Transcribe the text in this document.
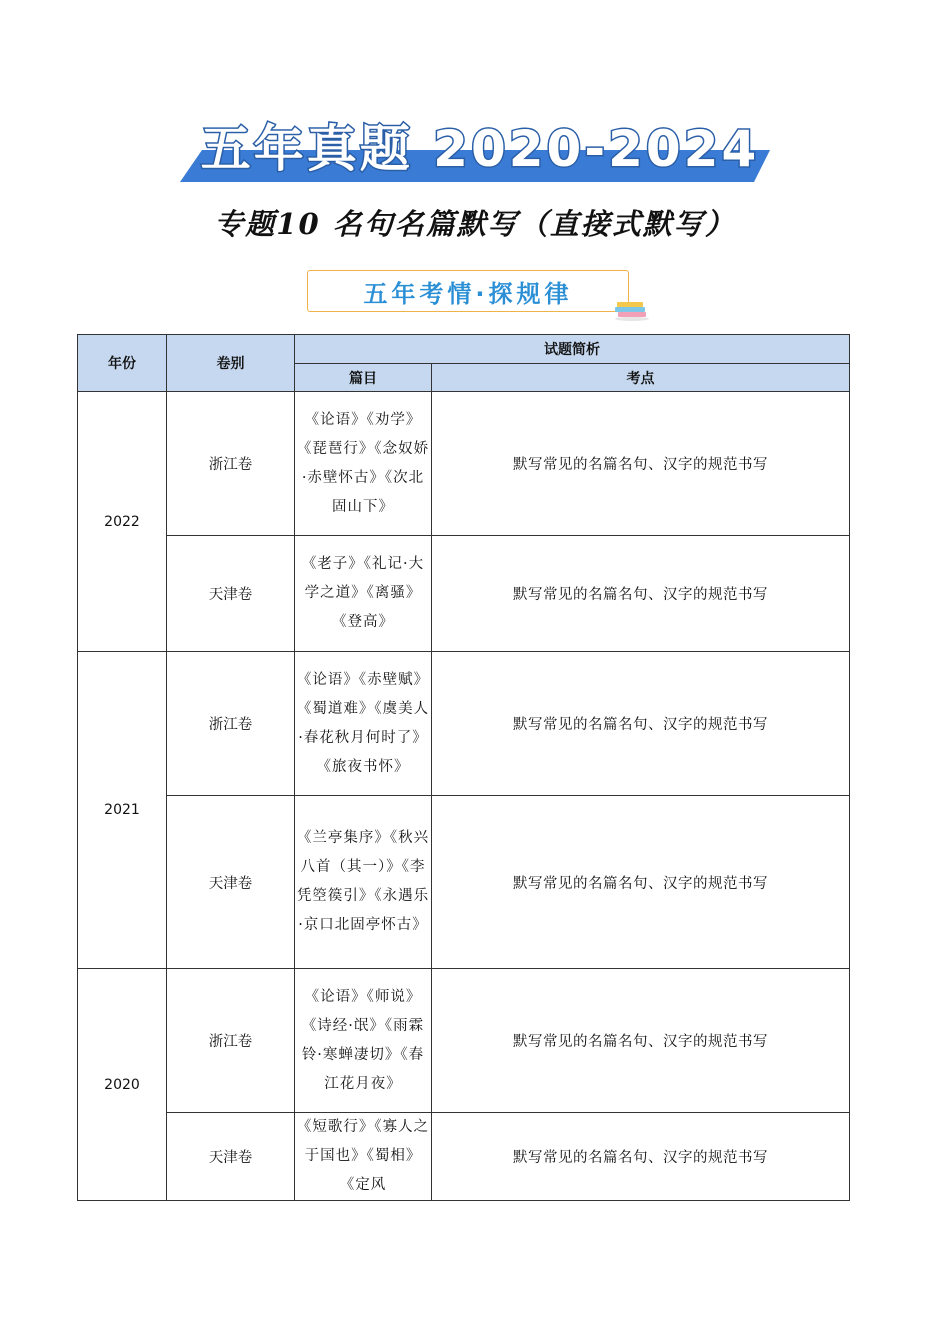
五年真题 2020-2024
专题10 名句名篇默写（直接式默写）
五年考情·探规律
年份	卷别	试题简析	
		篇目	考点
2022	浙江卷	《论语》《劝学》《琵琶行》《念奴娇·赤壁怀古》《次北固山下》	默写常见的名篇名句、汉字的规范书写
	天津卷	《老子》《礼记·大学之道》《离骚》《登高》	默写常见的名篇名句、汉字的规范书写
2021	浙江卷	《论语》《赤壁赋》《蜀道难》《虞美人·春花秋月何时了》《旅夜书怀》	默写常见的名篇名句、汉字的规范书写
	天津卷	《兰亭集序》《秋兴八首（其一）》《李凭箜篌引》《永遇乐·京口北固亭怀古》	默写常见的名篇名句、汉字的规范书写
2020	浙江卷	《论语》《师说》《诗经·氓》《雨霖铃·寒蝉凄切》《春江花月夜》	默写常见的名篇名句、汉字的规范书写
	天津卷	《短歌行》《寡人之于国也》《蜀相》《定风	默写常见的名篇名句、汉字的规范书写
